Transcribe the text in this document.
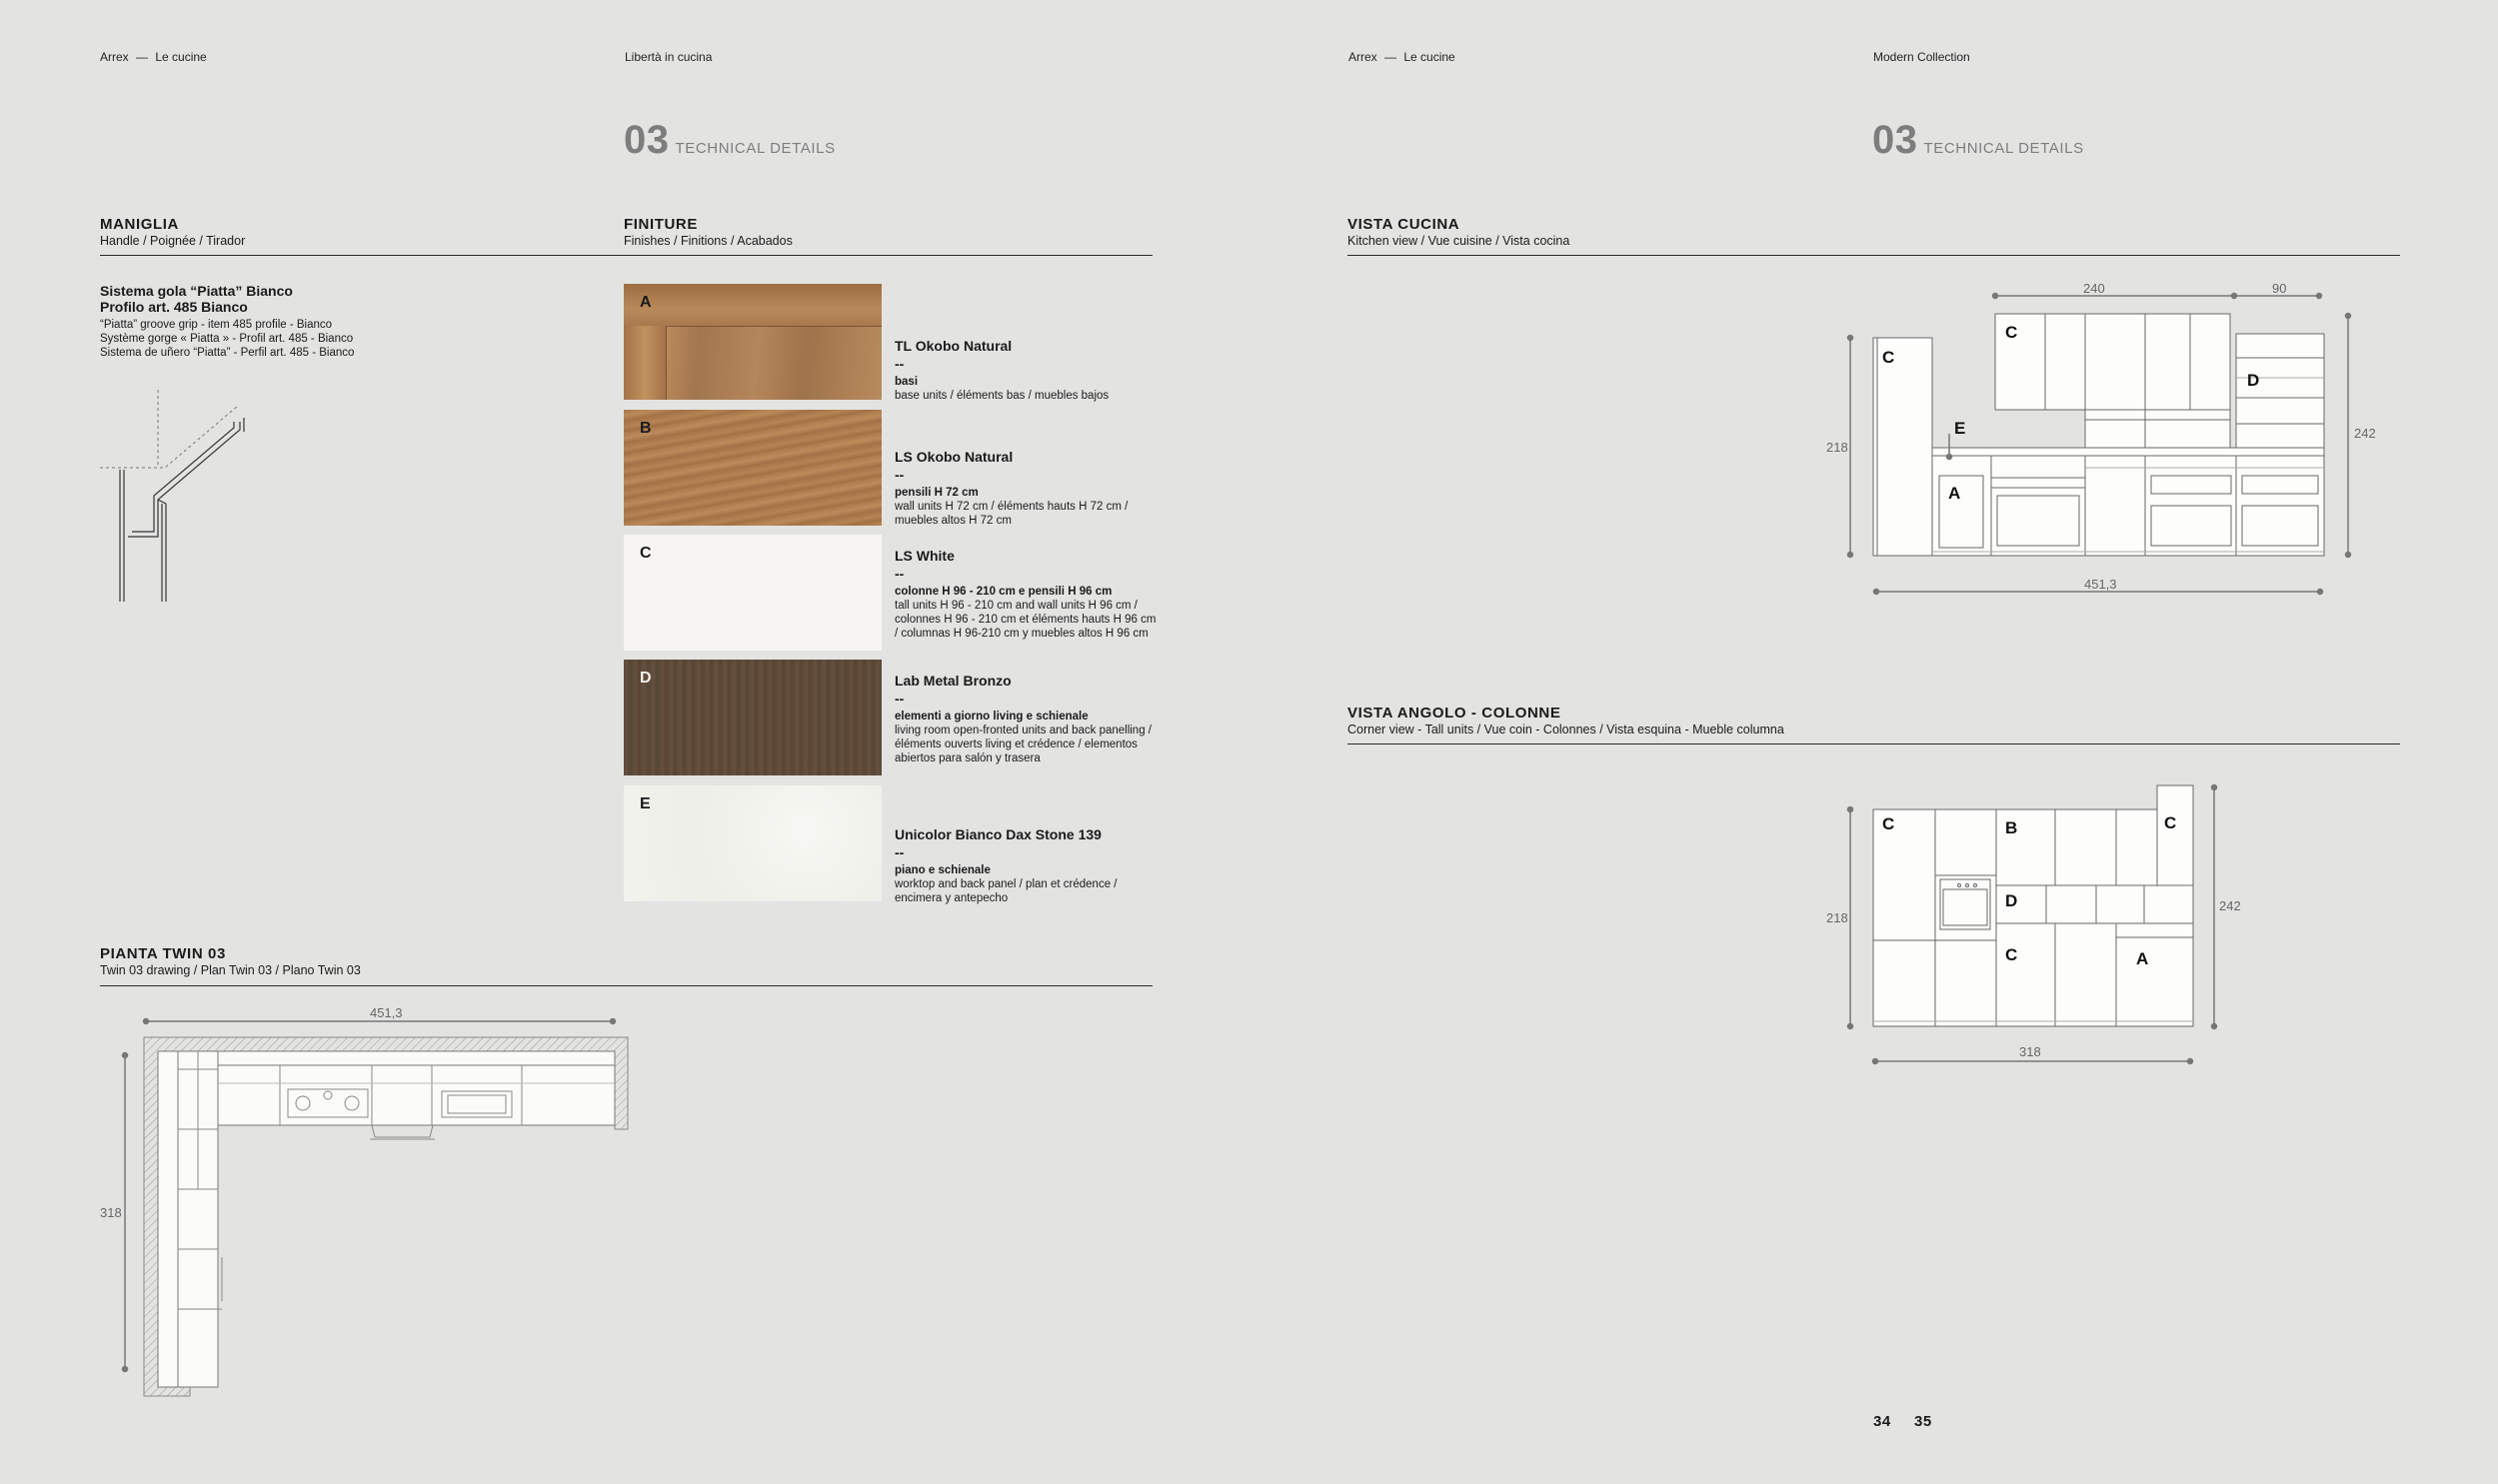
Arrex — Le cucine	Libertà in cucina	Arrex — Le cucine	Modern Collection
03 TECHNICAL DETAILS	03 TECHNICAL DETAILS
MANIGLIA
Handle / Poignée / Tirador
FINITURE
Finishes / Finitions / Acabados
Sistema gola “Piatta” Bianco
Profilo art. 485 Bianco
“Piatta” groove grip - item 485 profile - Bianco
Système gorge « Piatta » - Profil art. 485 - Bianco
Sistema de uñero “Piatta” - Perfil art. 485 - Bianco
A
B
C
D
E
TL Okobo Natural
--
basi
base units / éléments bas / muebles bajos
LS Okobo Natural
--
pensili H 72 cm
wall units H 72 cm / éléments hauts H 72 cm / muebles altos H 72 cm
LS White
--
colonne H 96 - 210 cm e pensili H 96 cm
tall units H 96 - 210 cm and wall units H 96 cm / colonnes H 96 - 210 cm et éléments hauts H 96 cm / columnas H 96-210 cm y muebles altos H 96 cm
Lab Metal Bronzo
--
elementi a giorno living e schienale
living room open-fronted units and back panelling / éléments ouverts living et crédence / elementos abiertos para salón y trasera
Unicolor Bianco Dax Stone 139
--
piano e schienale
worktop and back panel / plan et crédence / encimera y antepecho
PIANTA TWIN 03
Twin 03 drawing / Plan Twin 03 / Plano Twin 03
451,3
318
VISTA CUCINA
Kitchen view / Vue cuisine / Vista cocina
240	90
218
242
451,3
C
C
D
E
A
VISTA ANGOLO - COLONNE
Corner view - Tall units / Vue coin - Colonnes / Vista esquina - Mueble columna
218
242
318
C	B	C
D
C	A
34 35
